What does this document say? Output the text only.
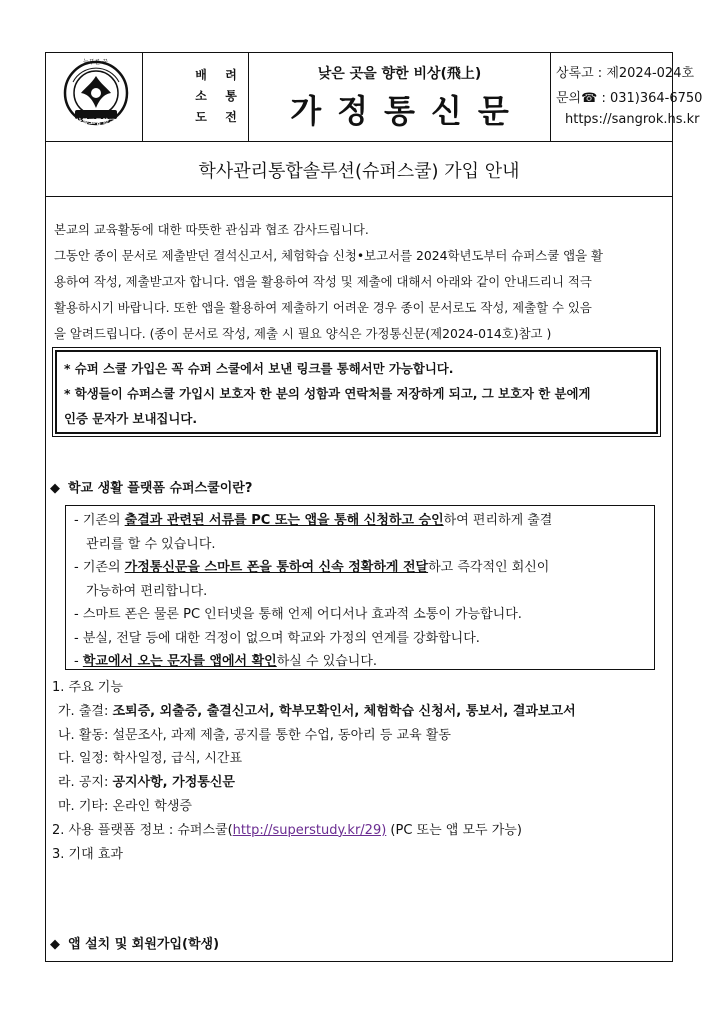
늘푸른 꿈
상록고등학교
배
소
도
려
통
전
낮은 곳을 향한 비상(飛上)
가정통신문
상록고 : 제2024-024호
문의☎ : 031)364-6750
https://sangrok.hs.kr
학사관리통합솔루션(슈퍼스쿨) 가입 안내

본교의 교육활동에 대한 따뜻한 관심과 협조 감사드립니다.

그동안 종이 문서로 제출받던 결석신고서, 체험학습 신청•보고서를 2024학년도부터 슈퍼스쿨 앱을 활

용하여 작성, 제출받고자 합니다. 앱을 활용하여 작성 및 제출에 대해서 아래와 같이 안내드리니 적극

활용하시기 바랍니다. 또한 앱을 활용하여 제출하기 어려운 경우 종이 문서로도 작성, 제출할 수 있음

을 알려드립니다. (종이 문서로 작성, 제출 시 필요 양식은 가정통신문(제2024-014호)참고 )

* 슈퍼 스쿨 가입은 꼭 슈퍼 스쿨에서 보낸 링크를 통해서만 가능합니다.

* 학생들이 슈퍼스쿨 가입시 보호자 한 분의 성함과 연락처를 저장하게 되고, 그 보호자 한 분에게

인증 문자가 보내집니다.

◆ 학교 생활 플랫폼 슈퍼스쿨이란?

- 기존의 출결과 관련된 서류를 PC 또는 앱을 통해 신청하고 승인하여 편리하게 출결

관리를 할 수 있습니다.

- 기존의 가정통신문을 스마트 폰을 통하여 신속 정확하게 전달하고 즉각적인 회신이

가능하여 편리합니다.

- 스마트 폰은 물론 PC 인터넷을 통해 언제 어디서나 효과적 소통이 가능합니다.

- 분실, 전달 등에 대한 걱정이 없으며 학교와 가정의 연계를 강화합니다.

- 학교에서 오는 문자를 앱에서 확인하실 수 있습니다.

1. 주요 기능

가. 출결: 조퇴증, 외출증, 출결신고서, 학부모확인서, 체험학습 신청서, 통보서, 결과보고서

나. 활동: 설문조사, 과제 제출, 공지를 통한 수업, 동아리 등 교육 활동

다. 일정: 학사일정, 급식, 시간표

라. 공지: 공지사항, 가정통신문

마. 기타: 온라인 학생증

2. 사용 플랫폼 정보 : 슈퍼스쿨(http://superstudy.kr/29) (PC 또는 앱 모두 가능)

3. 기대 효과

◆ 앱 설치 및 회원가입(학생)
